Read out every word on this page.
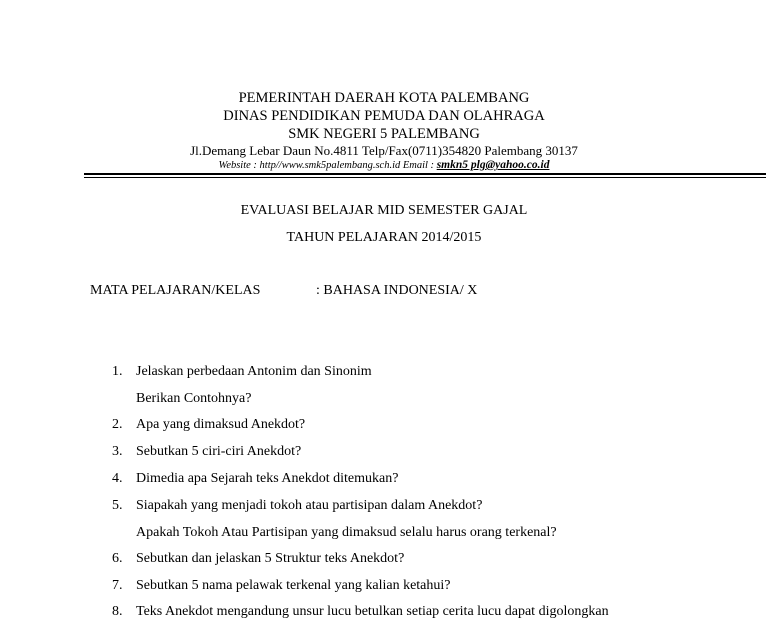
PEMERINTAH DAERAH KOTA PALEMBANG
DINAS PENDIDIKAN PEMUDA DAN OLAHRAGA
SMK NEGERI 5 PALEMBANG
Jl.Demang Lebar Daun No.4811 Telp/Fax(0711)354820 Palembang 30137
Website : http//www.smk5palembang.sch.id Email : smkn5 plg@yahoo.co.id
EVALUASI BELAJAR MID SEMESTER GAJAL
TAHUN PELAJARAN 2014/2015
MATA PELAJARAN/KELAS	: BAHASA INDONESIA/ X
1. Jelaskan perbedaan Antonim dan Sinonim
Berikan Contohnya?
2. Apa yang dimaksud Anekdot?
3. Sebutkan 5 ciri-ciri Anekdot?
4. Dimedia apa Sejarah teks Anekdot ditemukan?
5. Siapakah yang menjadi tokoh atau partisipan dalam Anekdot?
Apakah Tokoh Atau Partisipan yang dimaksud selalu harus orang terkenal?
6. Sebutkan dan jelaskan 5 Struktur teks Anekdot?
7. Sebutkan 5 nama pelawak terkenal yang kalian ketahui?
8. Teks Anekdot mengandung unsur lucu betulkan setiap cerita lucu dapat digolongkan
